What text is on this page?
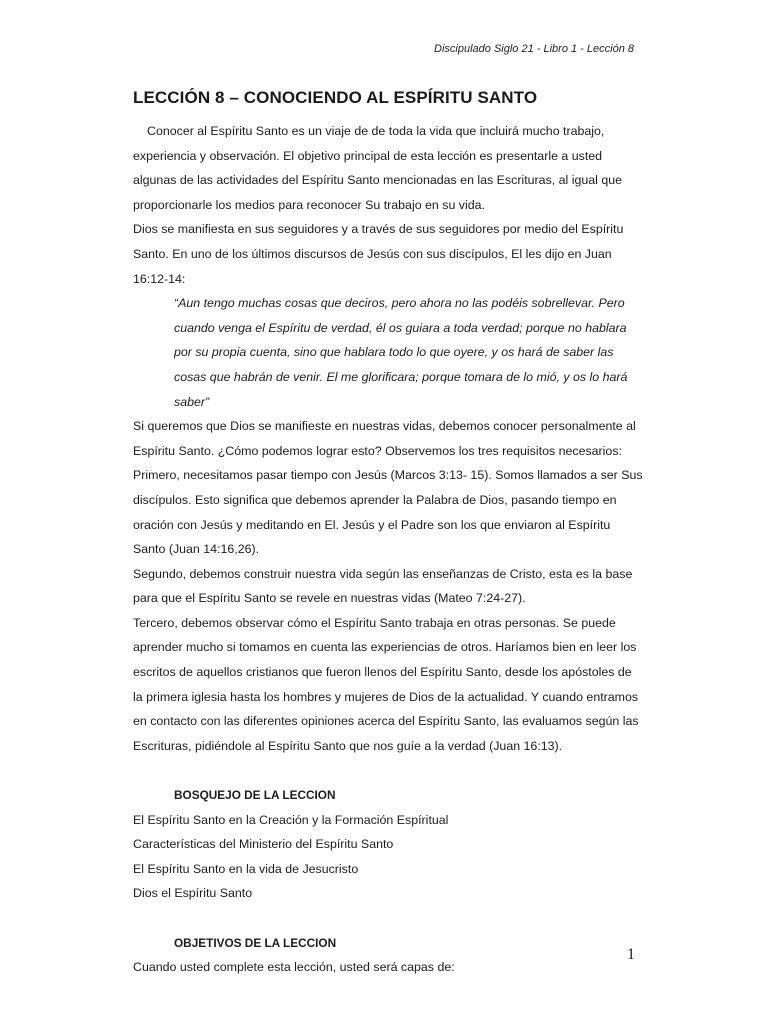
Discipulado Siglo 21 - Libro 1 - Lección 8
LECCIÓN 8 – CONOCIENDO AL ESPÍRITU SANTO

Conocer al Espíritu Santo es un viaje de de toda la vida que incluirá mucho trabajo, experiencia y observación. El objetivo principal de esta lección es presentarle a usted algunas de las actividades del Espíritu Santo mencionadas en las Escrituras, al igual que proporcionarle los medios para reconocer Su trabajo en su vida.

Dios se manifiesta en sus seguidores y a través de sus seguidores por medio del Espíritu Santo. En uno de los últimos discursos de Jesús con sus discípulos, El les dijo en Juan 16:12-14:

“Aun tengo muchas cosas que deciros, pero ahora no las podéis sobrellevar. Pero cuando venga el Espíritu de verdad, él os guiara a toda verdad; porque no hablara por su propia cuenta, sino que hablara todo lo que oyere, y os hará de saber las cosas que habrán de venir. El me glorificara; porque tomara de lo mió, y os lo hará saber”

Si queremos que Dios se manifieste en nuestras vidas, debemos conocer personalmente al Espíritu Santo. ¿Cómo podemos lograr esto? Observemos los tres requisitos necesarios: Primero, necesitamos pasar tiempo con Jesús (Marcos 3:13- 15). Somos llamados a ser Sus discípulos. Esto significa que debemos aprender la Palabra de Dios, pasando tiempo en oración con Jesús y meditando en El. Jesús y el Padre son los que enviaron al Espíritu Santo (Juan 14:16,26).

Segundo, debemos construir nuestra vida según las enseñanzas de Cristo, esta es la base para que el Espíritu Santo se revele en nuestras vidas (Mateo 7:24-27).

Tercero, debemos observar cómo el Espíritu Santo trabaja en otras personas. Se puede aprender mucho si tomamos en cuenta las experiencias de otros. Haríamos bien en leer los escritos de aquellos cristianos que fueron llenos del Espíritu Santo, desde los apóstoles de la primera iglesia hasta los hombres y mujeres de Dios de la actualidad. Y cuando entramos en contacto con las diferentes opiniones acerca del Espíritu Santo, las evaluamos según las Escrituras, pidiéndole al Espíritu Santo que nos guíe a la verdad (Juan 16:13).

BOSQUEJO DE LA LECCION

El Espíritu Santo en la Creación y la Formación Espíritual
Características del Ministerio del Espíritu Santo
El Espíritu Santo en la vida de Jesucristo
Dios el Espíritu Santo

OBJETIVOS DE LA LECCION

Cuando usted complete esta lección, usted será capas de:

1
